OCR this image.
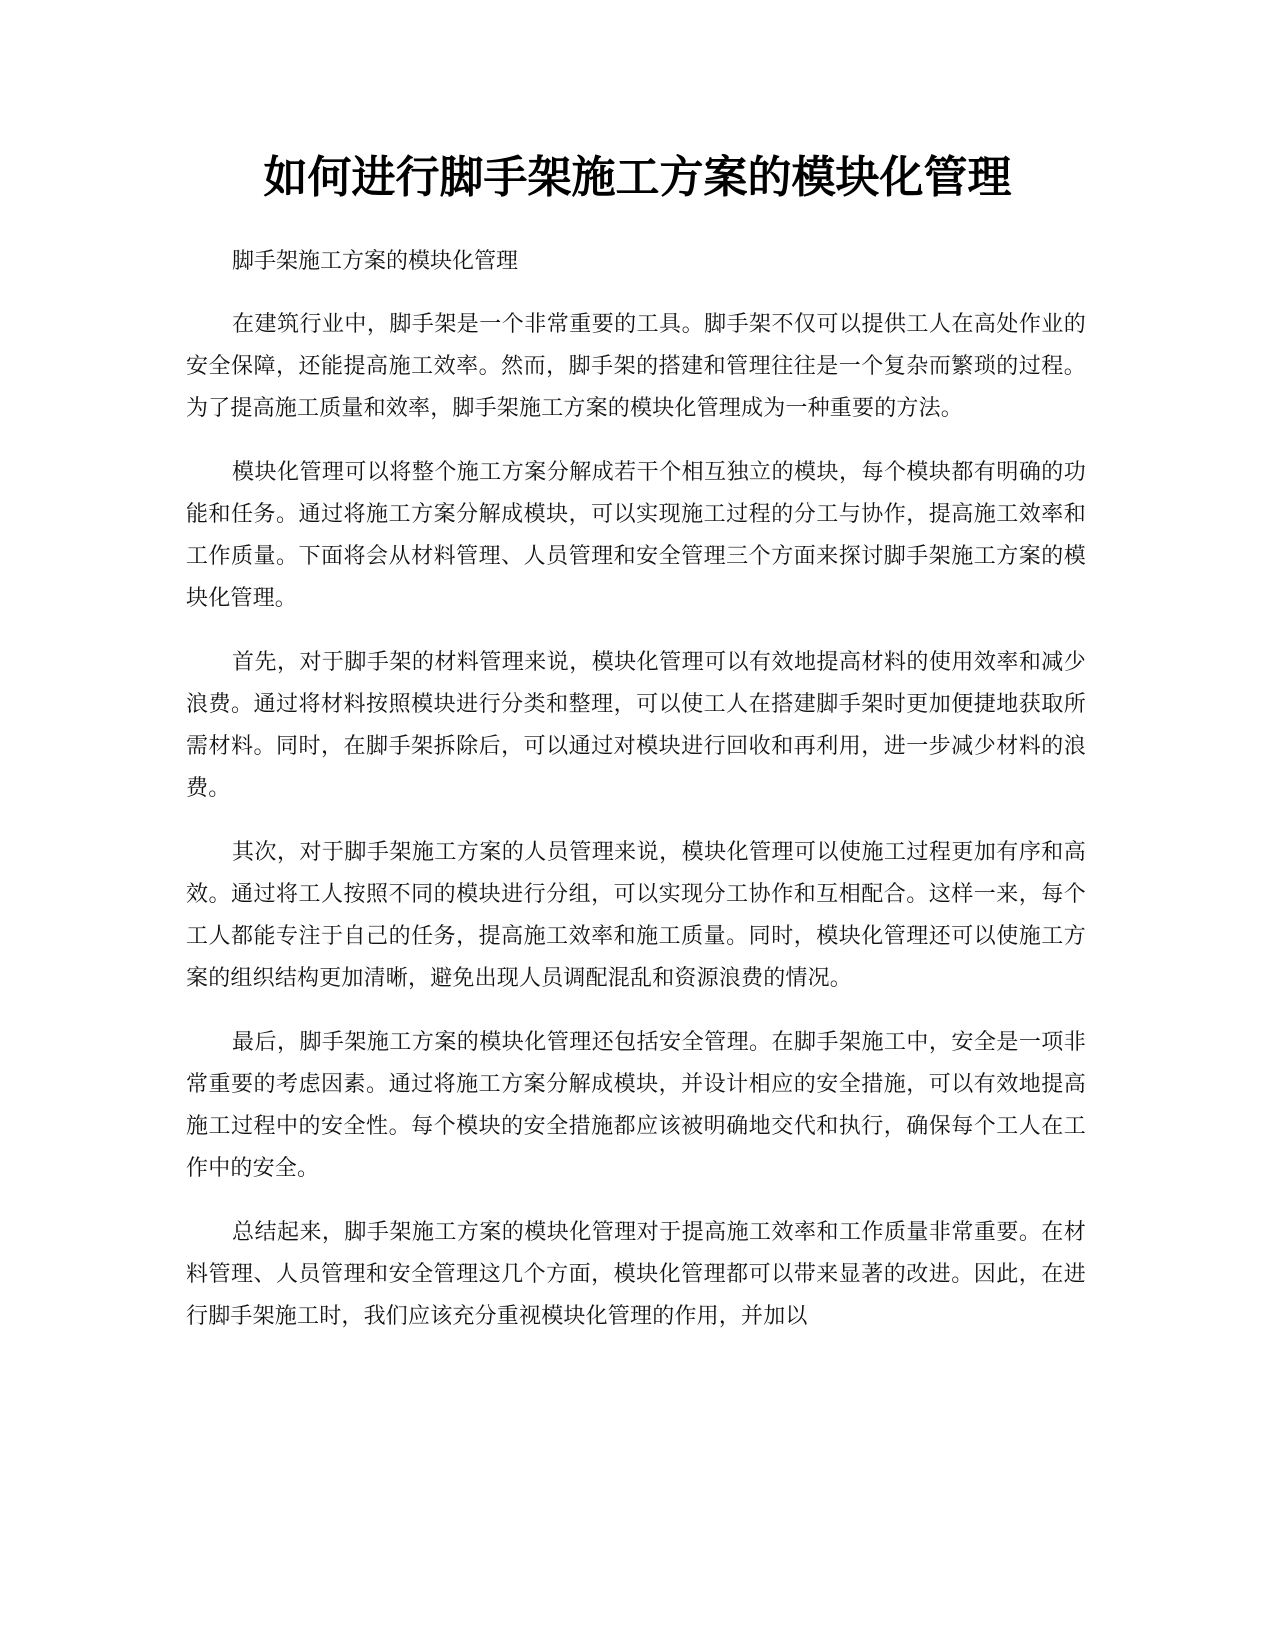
如何进行脚手架施工方案的模块化管理

脚手架施工方案的模块化管理

在建筑行业中，脚手架是一个非常重要的工具。脚手架不仅可以提供工人在高处作业的安全保障，还能提高施工效率。然而，脚手架的搭建和管理往往是一个复杂而繁琐的过程。为了提高施工质量和效率，脚手架施工方案的模块化管理成为一种重要的方法。

模块化管理可以将整个施工方案分解成若干个相互独立的模块，每个模块都有明确的功能和任务。通过将施工方案分解成模块，可以实现施工过程的分工与协作，提高施工效率和工作质量。下面将会从材料管理、人员管理和安全管理三个方面来探讨脚手架施工方案的模块化管理。

首先，对于脚手架的材料管理来说，模块化管理可以有效地提高材料的使用效率和减少浪费。通过将材料按照模块进行分类和整理，可以使工人在搭建脚手架时更加便捷地获取所需材料。同时，在脚手架拆除后，可以通过对模块进行回收和再利用，进一步减少材料的浪费。

其次，对于脚手架施工方案的人员管理来说，模块化管理可以使施工过程更加有序和高效。通过将工人按照不同的模块进行分组，可以实现分工协作和互相配合。这样一来，每个工人都能专注于自己的任务，提高施工效率和施工质量。同时，模块化管理还可以使施工方案的组织结构更加清晰，避免出现人员调配混乱和资源浪费的情况。

最后，脚手架施工方案的模块化管理还包括安全管理。在脚手架施工中，安全是一项非常重要的考虑因素。通过将施工方案分解成模块，并设计相应的安全措施，可以有效地提高施工过程中的安全性。每个模块的安全措施都应该被明确地交代和执行，确保每个工人在工作中的安全。

总结起来，脚手架施工方案的模块化管理对于提高施工效率和工作质量非常重要。在材料管理、人员管理和安全管理这几个方面，模块化管理都可以带来显著的改进。因此，在进行脚手架施工时，我们应该充分重视模块化管理的作用，并加以
